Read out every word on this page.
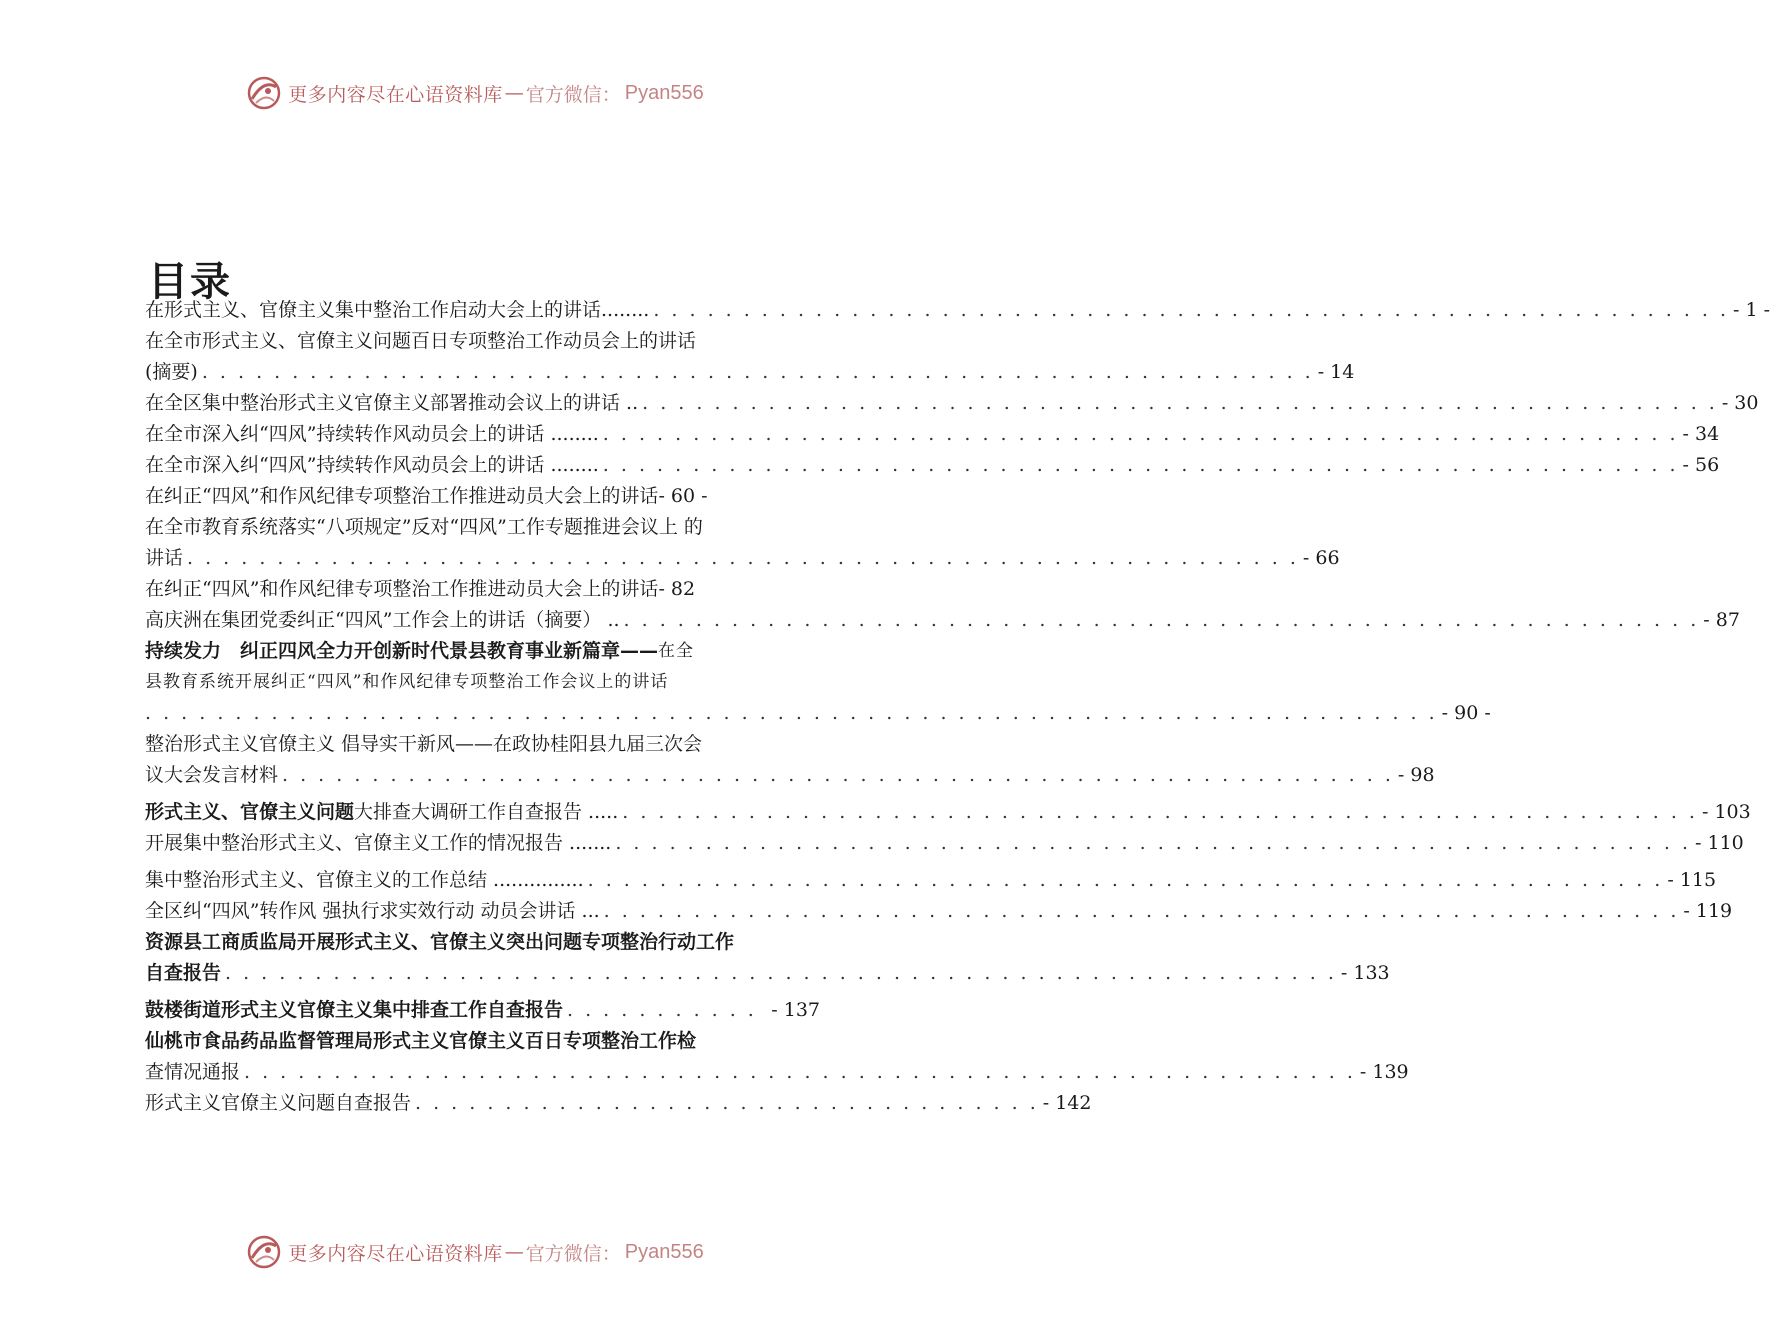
更多内容尽在心语资料库 — 官方微信： Pyan556
目录
在形式主义、官僚主义集中整治工作启动大会上的讲话........ . . . . . . . . . . . . . . . . . . . . . . . . . . . . . . . . . . . . . . . . . . . . . . . . . . . . . . . . . . . . - 1 -
在全市形式主义、官僚主义问题百日专项整治工作动员会上的讲话
(摘要) . . . . . . . . . . . . . . . . . . . . . . . . . . . . . . . . . . . . . . . . . . . . . . . . . . . . . . . . . . . . . . - 14
在全区集中整治形式主义官僚主义部署推动会议上的讲话 .. . . . . . . . . . . . . . . . . . . . . . . . . . . . . . . . . . . . . . . . . . . . . . . . . . . . . . . . . . . . . - 30
在全市深入纠“四风”持续转作风动员会上的讲话 ........ . . . . . . . . . . . . . . . . . . . . . . . . . . . . . . . . . . . . . . . . . . . . . . . . . . . . . . . . . . . . - 34
在全市深入纠“四风”持续转作风动员会上的讲话 ........ . . . . . . . . . . . . . . . . . . . . . . . . . . . . . . . . . . . . . . . . . . . . . . . . . . . . . . . . . . . . - 56
在纠正“四风”和作风纪律专项整治工作推进动员大会上的讲话 - 60 -
在全市教育系统落实“八项规定”反对“四风”工作专题推进会议上 的
讲话 . . . . . . . . . . . . . . . . . . . . . . . . . . . . . . . . . . . . . . . . . . . . . . . . . . . . . . . . . . . . . . - 66
在纠正“四风”和作风纪律专项整治工作推进动员大会上的讲话 - 82
高庆洲在集团党委纠正“四风”工作会上的讲话（摘要） .. . . . . . . . . . . . . . . . . . . . . . . . . . . . . . . . . . . . . . . . . . . . . . . . . . . . . . . . . . . . . - 87
持续发力　纠正四风全力开创新时代景县教育事业新篇章—— 在全
县教育系统开展纠正“四风”和作风纪律专项整治工作会议上的讲话
. . . . . . . . . . . . . . . . . . . . . . . . . . . . . . . . . . . . . . . . . . . . . . . . . . . . . . . . . . . . . . . . . . . . . . . . - 90 -
整治形式主义官僚主义 倡导实干新风——在政协桂阳县九届三次会
议大会发言材料 . . . . . . . . . . . . . . . . . . . . . . . . . . . . . . . . . . . . . . . . . . . . . . . . . . . . . . . . . . . . . . - 98
形式主义、官僚主义问题 大排查大调研工作自查报告 ..... . . . . . . . . . . . . . . . . . . . . . . . . . . . . . . . . . . . . . . . . . . . . . . . . . . . . . . . . . . . . - 103
开展集中整治形式主义、官僚主义工作的情况报告 ....... . . . . . . . . . . . . . . . . . . . . . . . . . . . . . . . . . . . . . . . . . . . . . . . . . . . . . . . . . . . . - 110
集中整治形式主义、官僚主义的工作总结 ............... . . . . . . . . . . . . . . . . . . . . . . . . . . . . . . . . . . . . . . . . . . . . . . . . . . . . . . . . . . . . - 115
全区纠“四风”转作风 强执行求实效行动 动员会讲话 ... . . . . . . . . . . . . . . . . . . . . . . . . . . . . . . . . . . . . . . . . . . . . . . . . . . . . . . . . . . . . - 119
资源县工商质监局开展形式主义、官僚主义突出问题专项整治行动工作
自查报告 . . . . . . . . . . . . . . . . . . . . . . . . . . . . . . . . . . . . . . . . . . . . . . . . . . . . . . . . . . . . . . - 133
鼓楼街道形式主义官僚主义集中排查工作自查报告 . . . . . . . . . . . - 137
仙桃市食品药品监督管理局形式主义官僚主义百日专项整治工作检
查情况通报 . . . . . . . . . . . . . . . . . . . . . . . . . . . . . . . . . . . . . . . . . . . . . . . . . . . . . . . . . . . . . . - 139
形式主义官僚主义问题自查报告 . . . . . . . . . . . . . . . . . . . . . . . . . . . . . . . . . . . - 142
更多内容尽在心语资料库 — 官方微信： Pyan556
